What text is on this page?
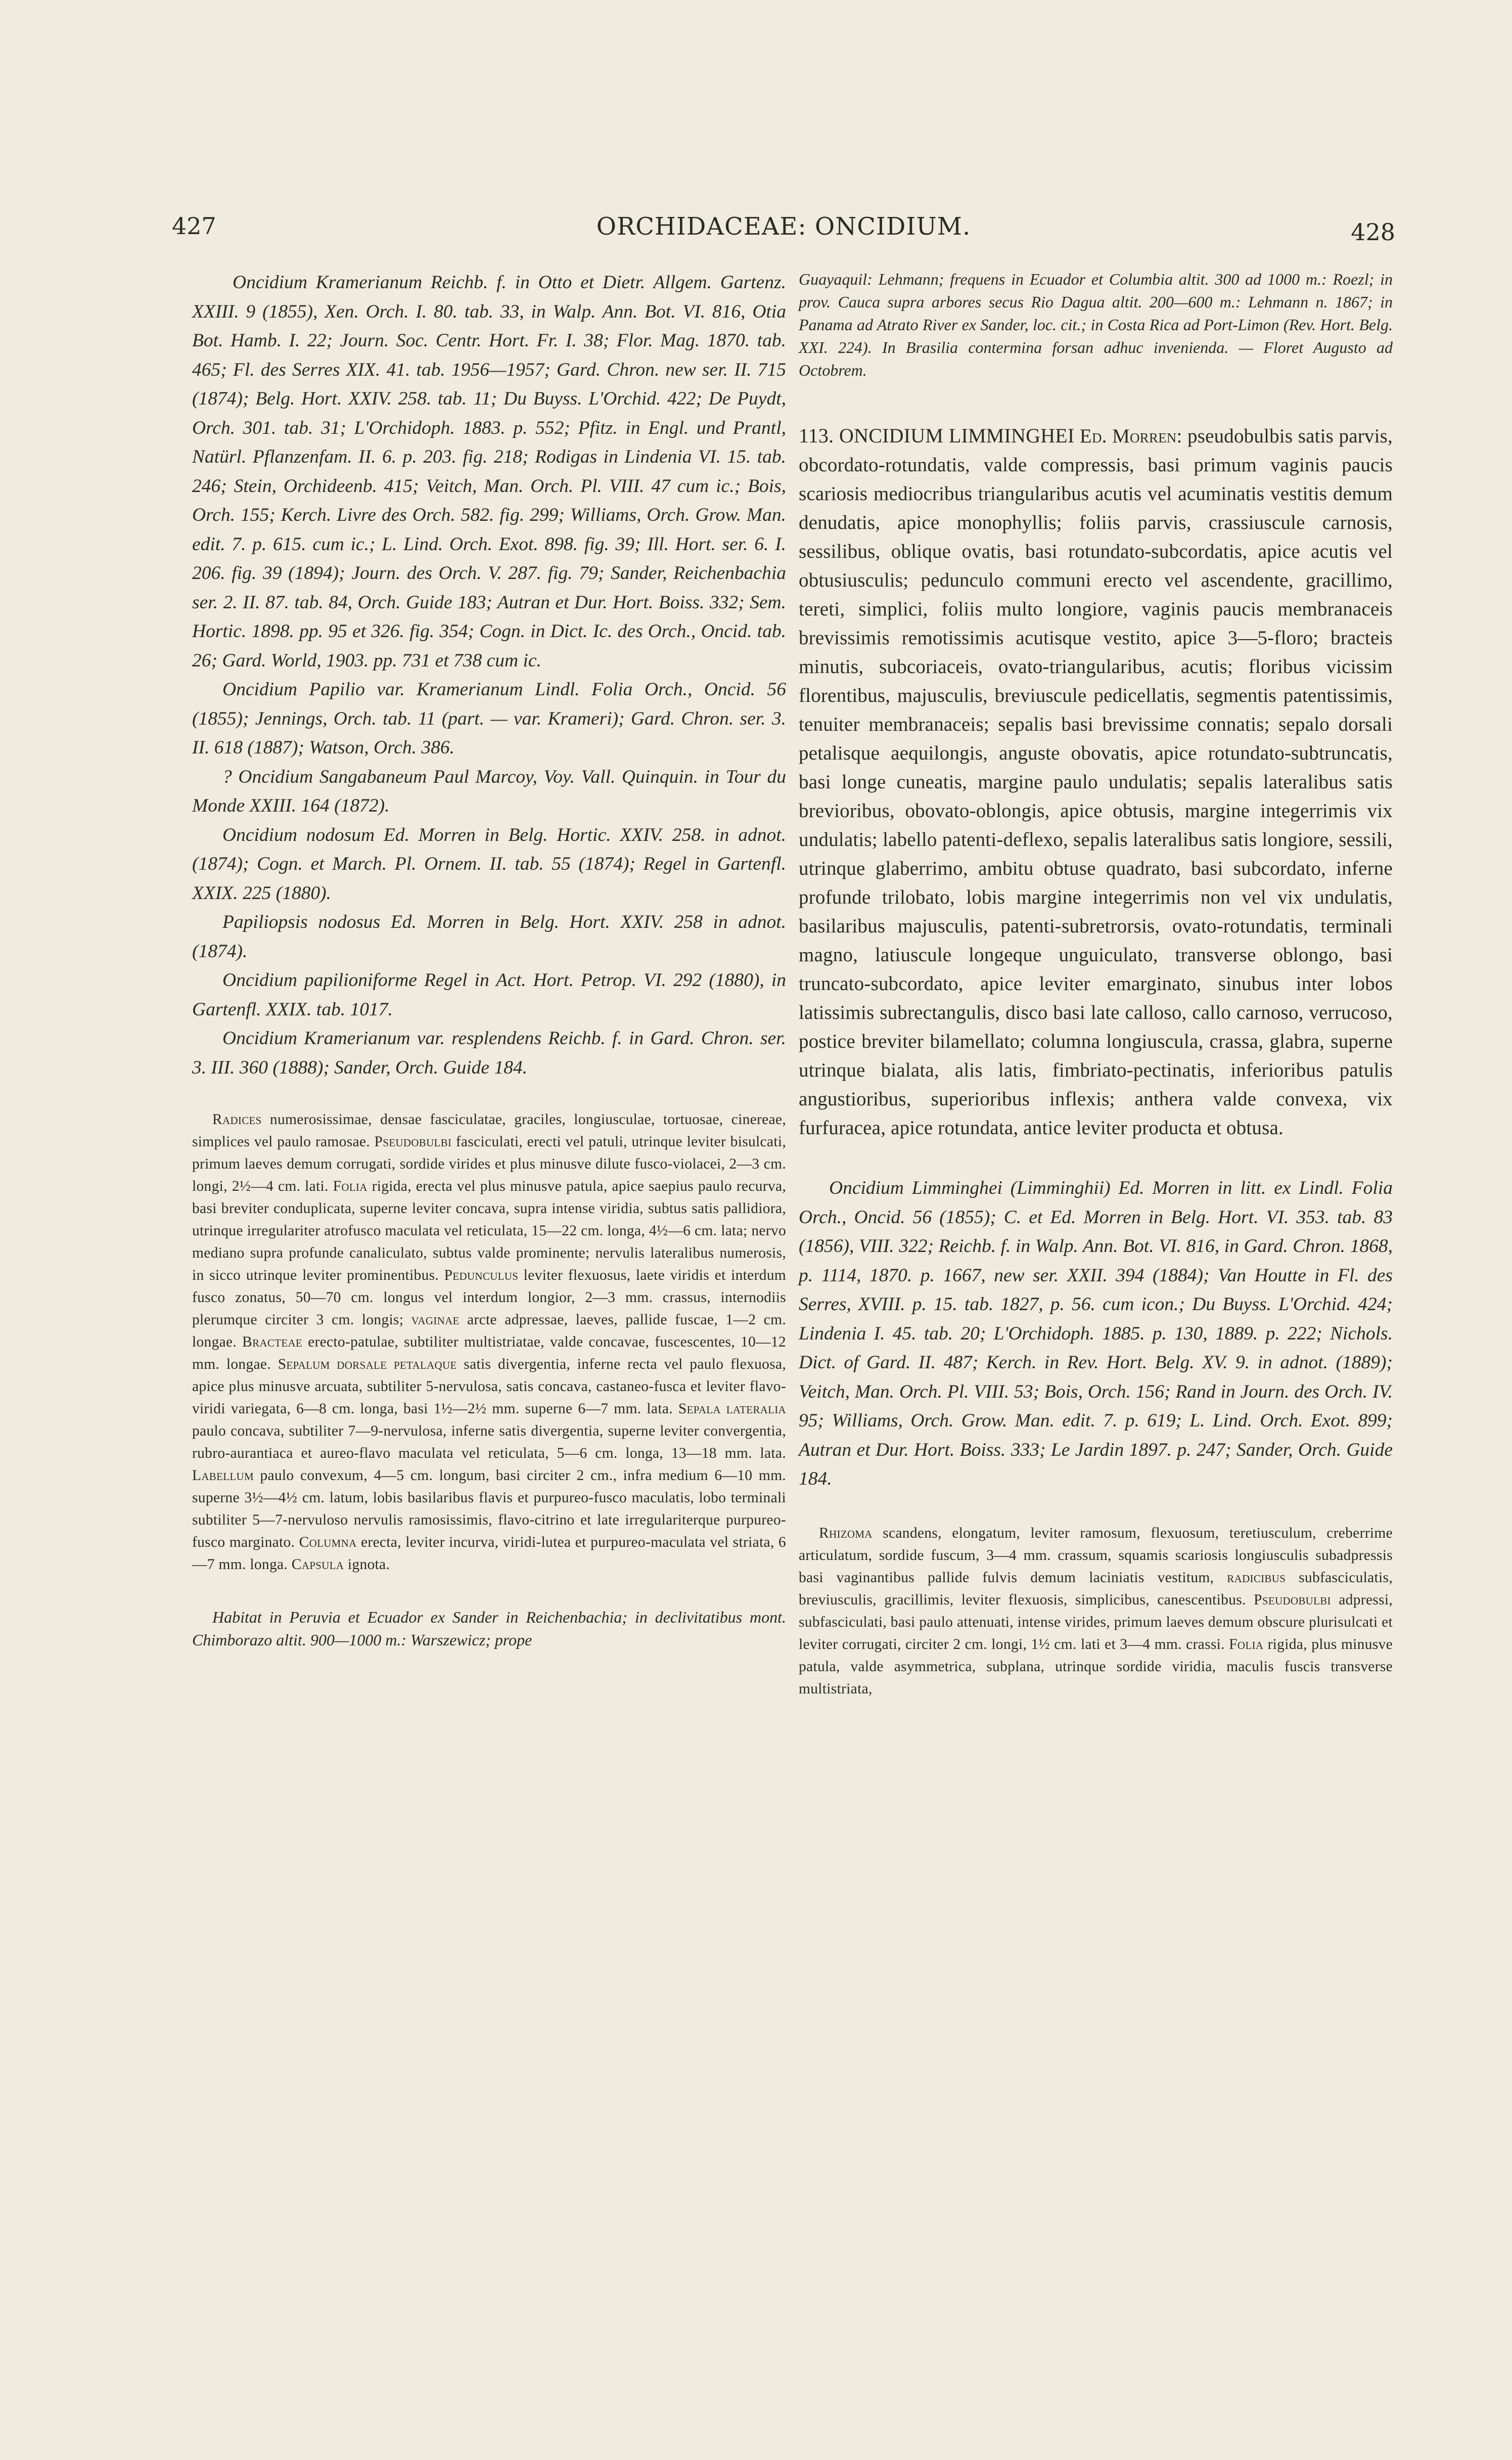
427	ORCHIDACEAE: ONCIDIUM.	428

Oncidium Kramerianum Reichb. f. in Otto et Dietr. Allgem. Gartenz. XXIII. 9 (1855), Xen. Orch. I. 80. tab. 33, in Walp. Ann. Bot. VI. 816, Otia Bot. Hamb. I. 22; Journ. Soc. Centr. Hort. Fr. I. 38; Flor. Mag. 1870. tab. 465; Fl. des Serres XIX. 41. tab. 1956—1957; Gard. Chron. new ser. II. 715 (1874); Belg. Hort. XXIV. 258. tab. 11; Du Buyss. L'Orchid. 422; De Puydt, Orch. 301. tab. 31; L'Orchidoph. 1883. p. 552; Pfitz. in Engl. und Prantl, Natürl. Pflanzenfam. II. 6. p. 203. fig. 218; Rodigas in Lindenia VI. 15. tab. 246; Stein, Orchideenb. 415; Veitch, Man. Orch. Pl. VIII. 47 cum ic.; Bois, Orch. 155; Kerch. Livre des Orch. 582. fig. 299; Williams, Orch. Grow. Man. edit. 7. p. 615. cum ic.; L. Lind. Orch. Exot. 898. fig. 39; Ill. Hort. ser. 6. I. 206. fig. 39 (1894); Journ. des Orch. V. 287. fig. 79; Sander, Reichenbachia ser. 2. II. 87. tab. 84, Orch. Guide 183; Autran et Dur. Hort. Boiss. 332; Sem. Hortic. 1898. pp. 95 et 326. fig. 354; Cogn. in Dict. Ic. des Orch., Oncid. tab. 26; Gard. World, 1903. pp. 731 et 738 cum ic.

Oncidium Papilio var. Kramerianum Lindl. Folia Orch., Oncid. 56 (1855); Jennings, Orch. tab. 11 (part. — var. Krameri); Gard. Chron. ser. 3. II. 618 (1887); Watson, Orch. 386.

? Oncidium Sangabaneum Paul Marcoy, Voy. Vall. Quinquin. in Tour du Monde XXIII. 164 (1872).

Oncidium nodosum Ed. Morren in Belg. Hortic. XXIV. 258. in adnot. (1874); Cogn. et March. Pl. Ornem. II. tab. 55 (1874); Regel in Gartenfl. XXIX. 225 (1880).

Papiliopsis nodosus Ed. Morren in Belg. Hort. XXIV. 258 in adnot. (1874).

Oncidium papilioniforme Regel in Act. Hort. Petrop. VI. 292 (1880), in Gartenfl. XXIX. tab. 1017.

Oncidium Kramerianum var. resplendens Reichb. f. in Gard. Chron. ser. 3. III. 360 (1888); Sander, Orch. Guide 184.

Radices numerosissimae, densae fasciculatae, graciles, longiusculae, tortuosae, cinereae, simplices vel paulo ramosae. Pseudobulbi fasciculati, erecti vel patuli, utrinque leviter bisulcati, primum laeves demum corrugati, sordide virides et plus minusve dilute fusco-violacei, 2—3 cm. longi, 2½—4 cm. lati. Folia rigida, erecta vel plus minusve patula, apice saepius paulo recurva, basi breviter conduplicata, superne leviter concava, supra intense viridia, subtus satis pallidiora, utrinque irregulariter atrofusco maculata vel reticulata, 15—22 cm. longa, 4½—6 cm. lata; nervo mediano supra profunde canaliculato, subtus valde prominente; nervulis lateralibus numerosis, in sicco utrinque leviter prominentibus. Pedunculus leviter flexuosus, laete viridis et interdum fusco zonatus, 50—70 cm. longus vel interdum longior, 2—3 mm. crassus, internodiis plerumque circiter 3 cm. longis; vaginae arcte adpressae, laeves, pallide fuscae, 1—2 cm. longae. Bracteae erecto-patulae, subtiliter multistriatae, valde concavae, fuscescentes, 10—12 mm. longae. Sepalum dorsale petalaque satis divergentia, inferne recta vel paulo flexuosa, apice plus minusve arcuata, subtiliter 5-nervulosa, satis concava, castaneo-fusca et leviter flavo-viridi variegata, 6—8 cm. longa, basi 1½—2½ mm. superne 6—7 mm. lata. Sepala lateralia paulo concava, subtiliter 7—9-nervulosa, inferne satis divergentia, superne leviter convergentia, rubro-aurantiaca et aureo-flavo maculata vel reticulata, 5—6 cm. longa, 13—18 mm. lata. Labellum paulo convexum, 4—5 cm. longum, basi circiter 2 cm., infra medium 6—10 mm. superne 3½—4½ cm. latum, lobis basilaribus flavis et purpureo-fusco maculatis, lobo terminali subtiliter 5—7-nervuloso nervulis ramosissimis, flavo-citrino et late irregulariterque purpureo-fusco marginato. Columna erecta, leviter incurva, viridi-lutea et purpureo-maculata vel striata, 6—7 mm. longa. Capsula ignota.

Habitat in Peruvia et Ecuador ex Sander in Reichenbachia; in declivitatibus mont. Chimborazo altit. 900—1000 m.: Warszewicz; prope

Guayaquil: Lehmann; frequens in Ecuador et Columbia altit. 300 ad 1000 m.: Roezl; in prov. Cauca supra arbores secus Rio Dagua altit. 200—600 m.: Lehmann n. 1867; in Panama ad Atrato River ex Sander, loc. cit.; in Costa Rica ad Port-Limon (Rev. Hort. Belg. XXI. 224). In Brasilia contermina forsan adhuc invenienda. — Floret Augusto ad Octobrem.

113. ONCIDIUM LIMMINGHEI Ed. Morren: pseudobulbis satis parvis, obcordato-rotundatis, valde compressis, basi primum vaginis paucis scariosis mediocribus triangularibus acutis vel acuminatis vestitis demum denudatis, apice monophyllis; foliis parvis, crassiuscule carnosis, sessilibus, oblique ovatis, basi rotundato-subcordatis, apice acutis vel obtusiusculis; pedunculo communi erecto vel ascendente, gracillimo, tereti, simplici, foliis multo longiore, vaginis paucis membranaceis brevissimis remotissimis acutisque vestito, apice 3—5-floro; bracteis minutis, subcoriaceis, ovato-triangularibus, acutis; floribus vicissim florentibus, majusculis, breviuscule pedicellatis, segmentis patentissimis, tenuiter membranaceis; sepalis basi brevissime connatis; sepalo dorsali petalisque aequilongis, anguste obovatis, apice rotundato-subtruncatis, basi longe cuneatis, margine paulo undulatis; sepalis lateralibus satis brevioribus, obovato-oblongis, apice obtusis, margine integerrimis vix undulatis; labello patenti-deflexo, sepalis lateralibus satis longiore, sessili, utrinque glaberrimo, ambitu obtuse quadrato, basi subcordato, inferne profunde trilobato, lobis margine integerrimis non vel vix undulatis, basilaribus majusculis, patenti-subretrorsis, ovato-rotundatis, terminali magno, latiuscule longeque unguiculato, transverse oblongo, basi truncato-subcordato, apice leviter emarginato, sinubus inter lobos latissimis subrectangulis, disco basi late calloso, callo carnoso, verrucoso, postice breviter bilamellato; columna longiuscula, crassa, glabra, superne utrinque bialata, alis latis, fimbriato-pectinatis, inferioribus patulis angustioribus, superioribus inflexis; anthera valde convexa, vix furfuracea, apice rotundata, antice leviter producta et obtusa.

Oncidium Limminghei (Limminghii) Ed. Morren in litt. ex Lindl. Folia Orch., Oncid. 56 (1855); C. et Ed. Morren in Belg. Hort. VI. 353. tab. 83 (1856), VIII. 322; Reichb. f. in Walp. Ann. Bot. VI. 816, in Gard. Chron. 1868, p. 1114, 1870. p. 1667, new ser. XXII. 394 (1884); Van Houtte in Fl. des Serres, XVIII. p. 15. tab. 1827, p. 56. cum icon.; Du Buyss. L'Orchid. 424; Lindenia I. 45. tab. 20; L'Orchidoph. 1885. p. 130, 1889. p. 222; Nichols. Dict. of Gard. II. 487; Kerch. in Rev. Hort. Belg. XV. 9. in adnot. (1889); Veitch, Man. Orch. Pl. VIII. 53; Bois, Orch. 156; Rand in Journ. des Orch. IV. 95; Williams, Orch. Grow. Man. edit. 7. p. 619; L. Lind. Orch. Exot. 899; Autran et Dur. Hort. Boiss. 333; Le Jardin 1897. p. 247; Sander, Orch. Guide 184.

Rhizoma scandens, elongatum, leviter ramosum, flexuosum, teretiusculum, creberrime articulatum, sordide fuscum, 3—4 mm. crassum, squamis scariosis longiusculis subadpressis basi vaginantibus pallide fulvis demum laciniatis vestitum, radicibus subfasciculatis, breviusculis, gracillimis, leviter flexuosis, simplicibus, canescentibus. Pseudobulbi adpressi, subfasciculati, basi paulo attenuati, intense virides, primum laeves demum obscure plurisulcati et leviter corrugati, circiter 2 cm. longi, 1½ cm. lati et 3—4 mm. crassi. Folia rigida, plus minusve patula, valde asymmetrica, subplana, utrinque sordide viridia, maculis fuscis transverse multistriata,
